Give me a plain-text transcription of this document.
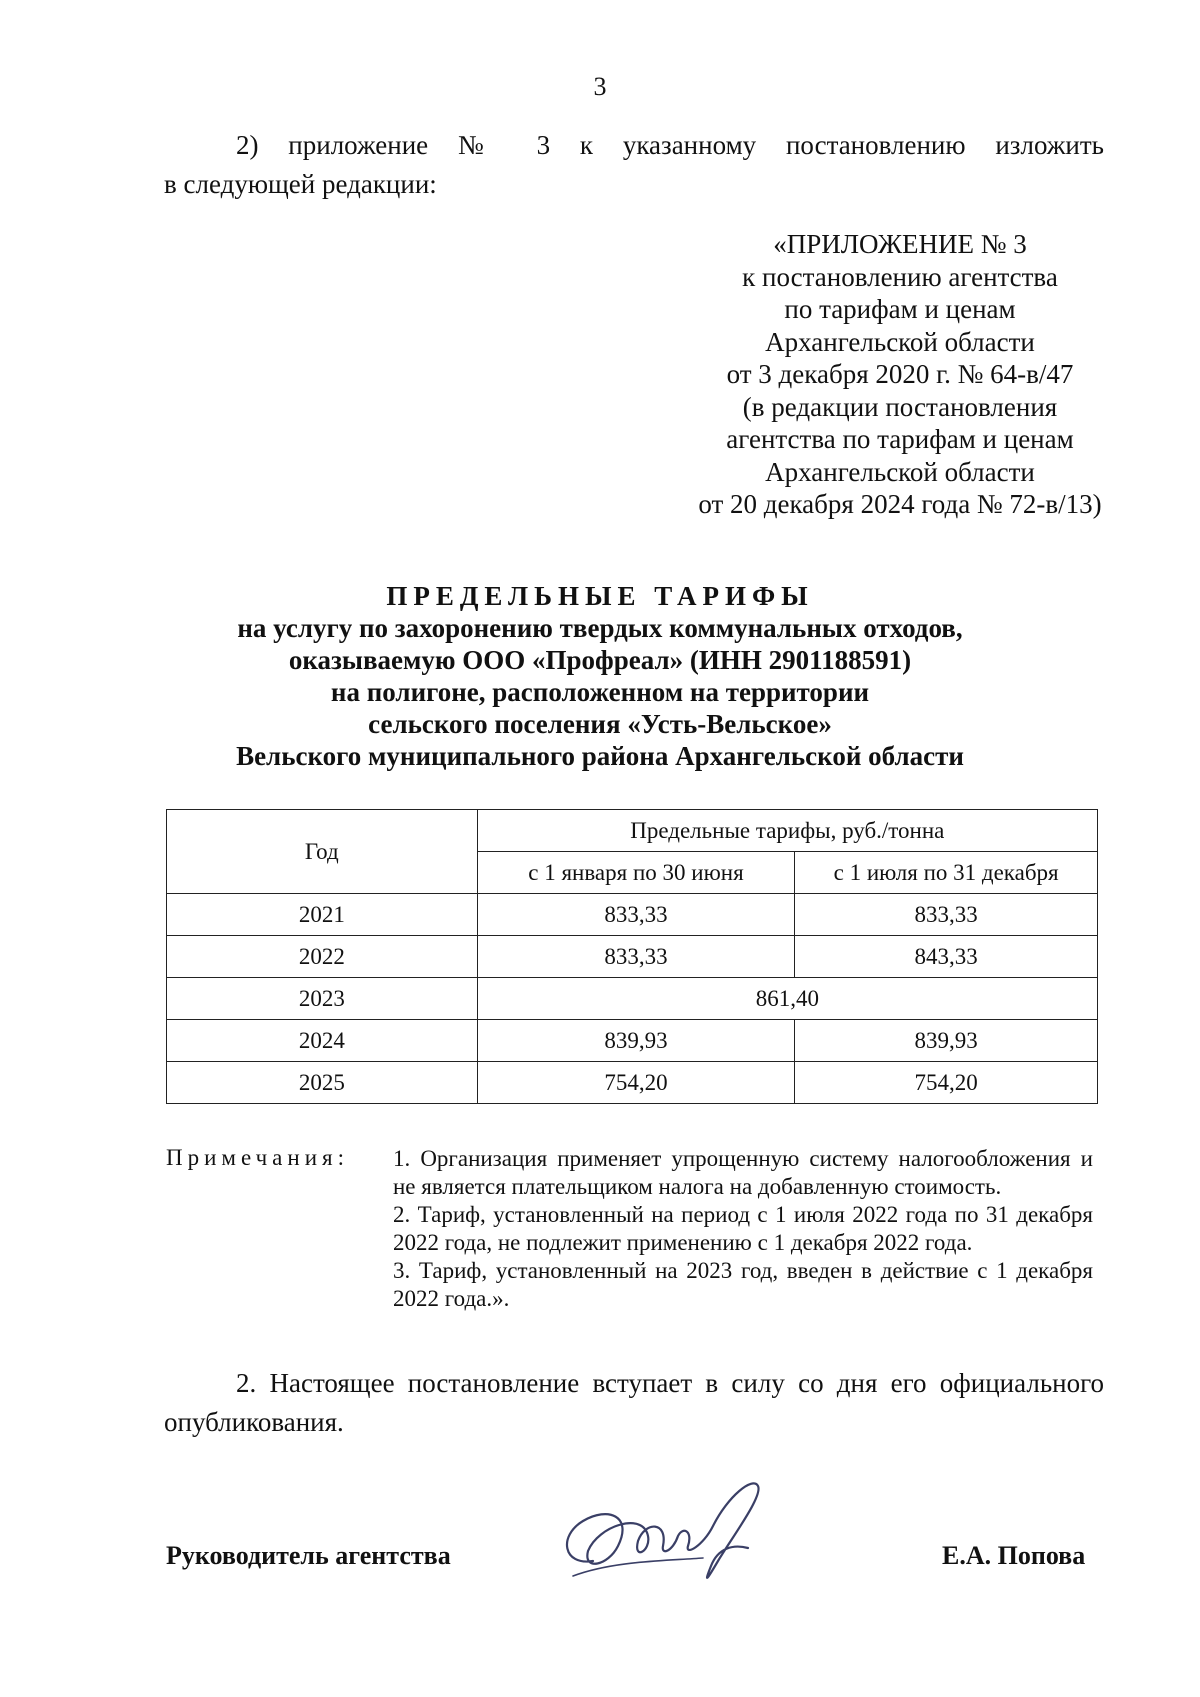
3
2) приложение № 3 к указанному постановлению изложить
в следующей редакции:
«ПРИЛОЖЕНИЕ № 3
к постановлению агентства
по тарифам и ценам
Архангельской области
от 3 декабря 2020 г. № 64-в/47
(в редакции постановления
агентства по тарифам и ценам
Архангельской области
от 20 декабря 2024 года № 72-в/13)
ПРЕДЕЛЬНЫЕ ТАРИФЫ
на услугу по захоронению твердых коммунальных отходов,
оказываемую ООО «Профреал» (ИНН 2901188591)
на полигоне, расположенном на территории
сельского поселения «Усть-Вельское»
Вельского муниципального района Архангельской области
Год	Предельные тарифы, руб./тонна	
	с 1 января по 30 июня	с 1 июля по 31 декабря
2021	833,33	833,33
2022	833,33	843,33
2023	861,40	
2024	839,93	839,93
2025	754,20	754,20
Примечания: 1. Организация применяет упрощенную систему налогообложения и не является плательщиком налога на добавленную стоимость.
2. Тариф, установленный на период с 1 июля 2022 года по 31 декабря 2022 года, не подлежит применению с 1 декабря 2022 года.
3. Тариф, установленный на 2023 год, введен в действие с 1 декабря 2022 года.».
2. Настоящее постановление вступает в силу со дня его официального
опубликования.
Руководитель агентства	Е.А. Попова
